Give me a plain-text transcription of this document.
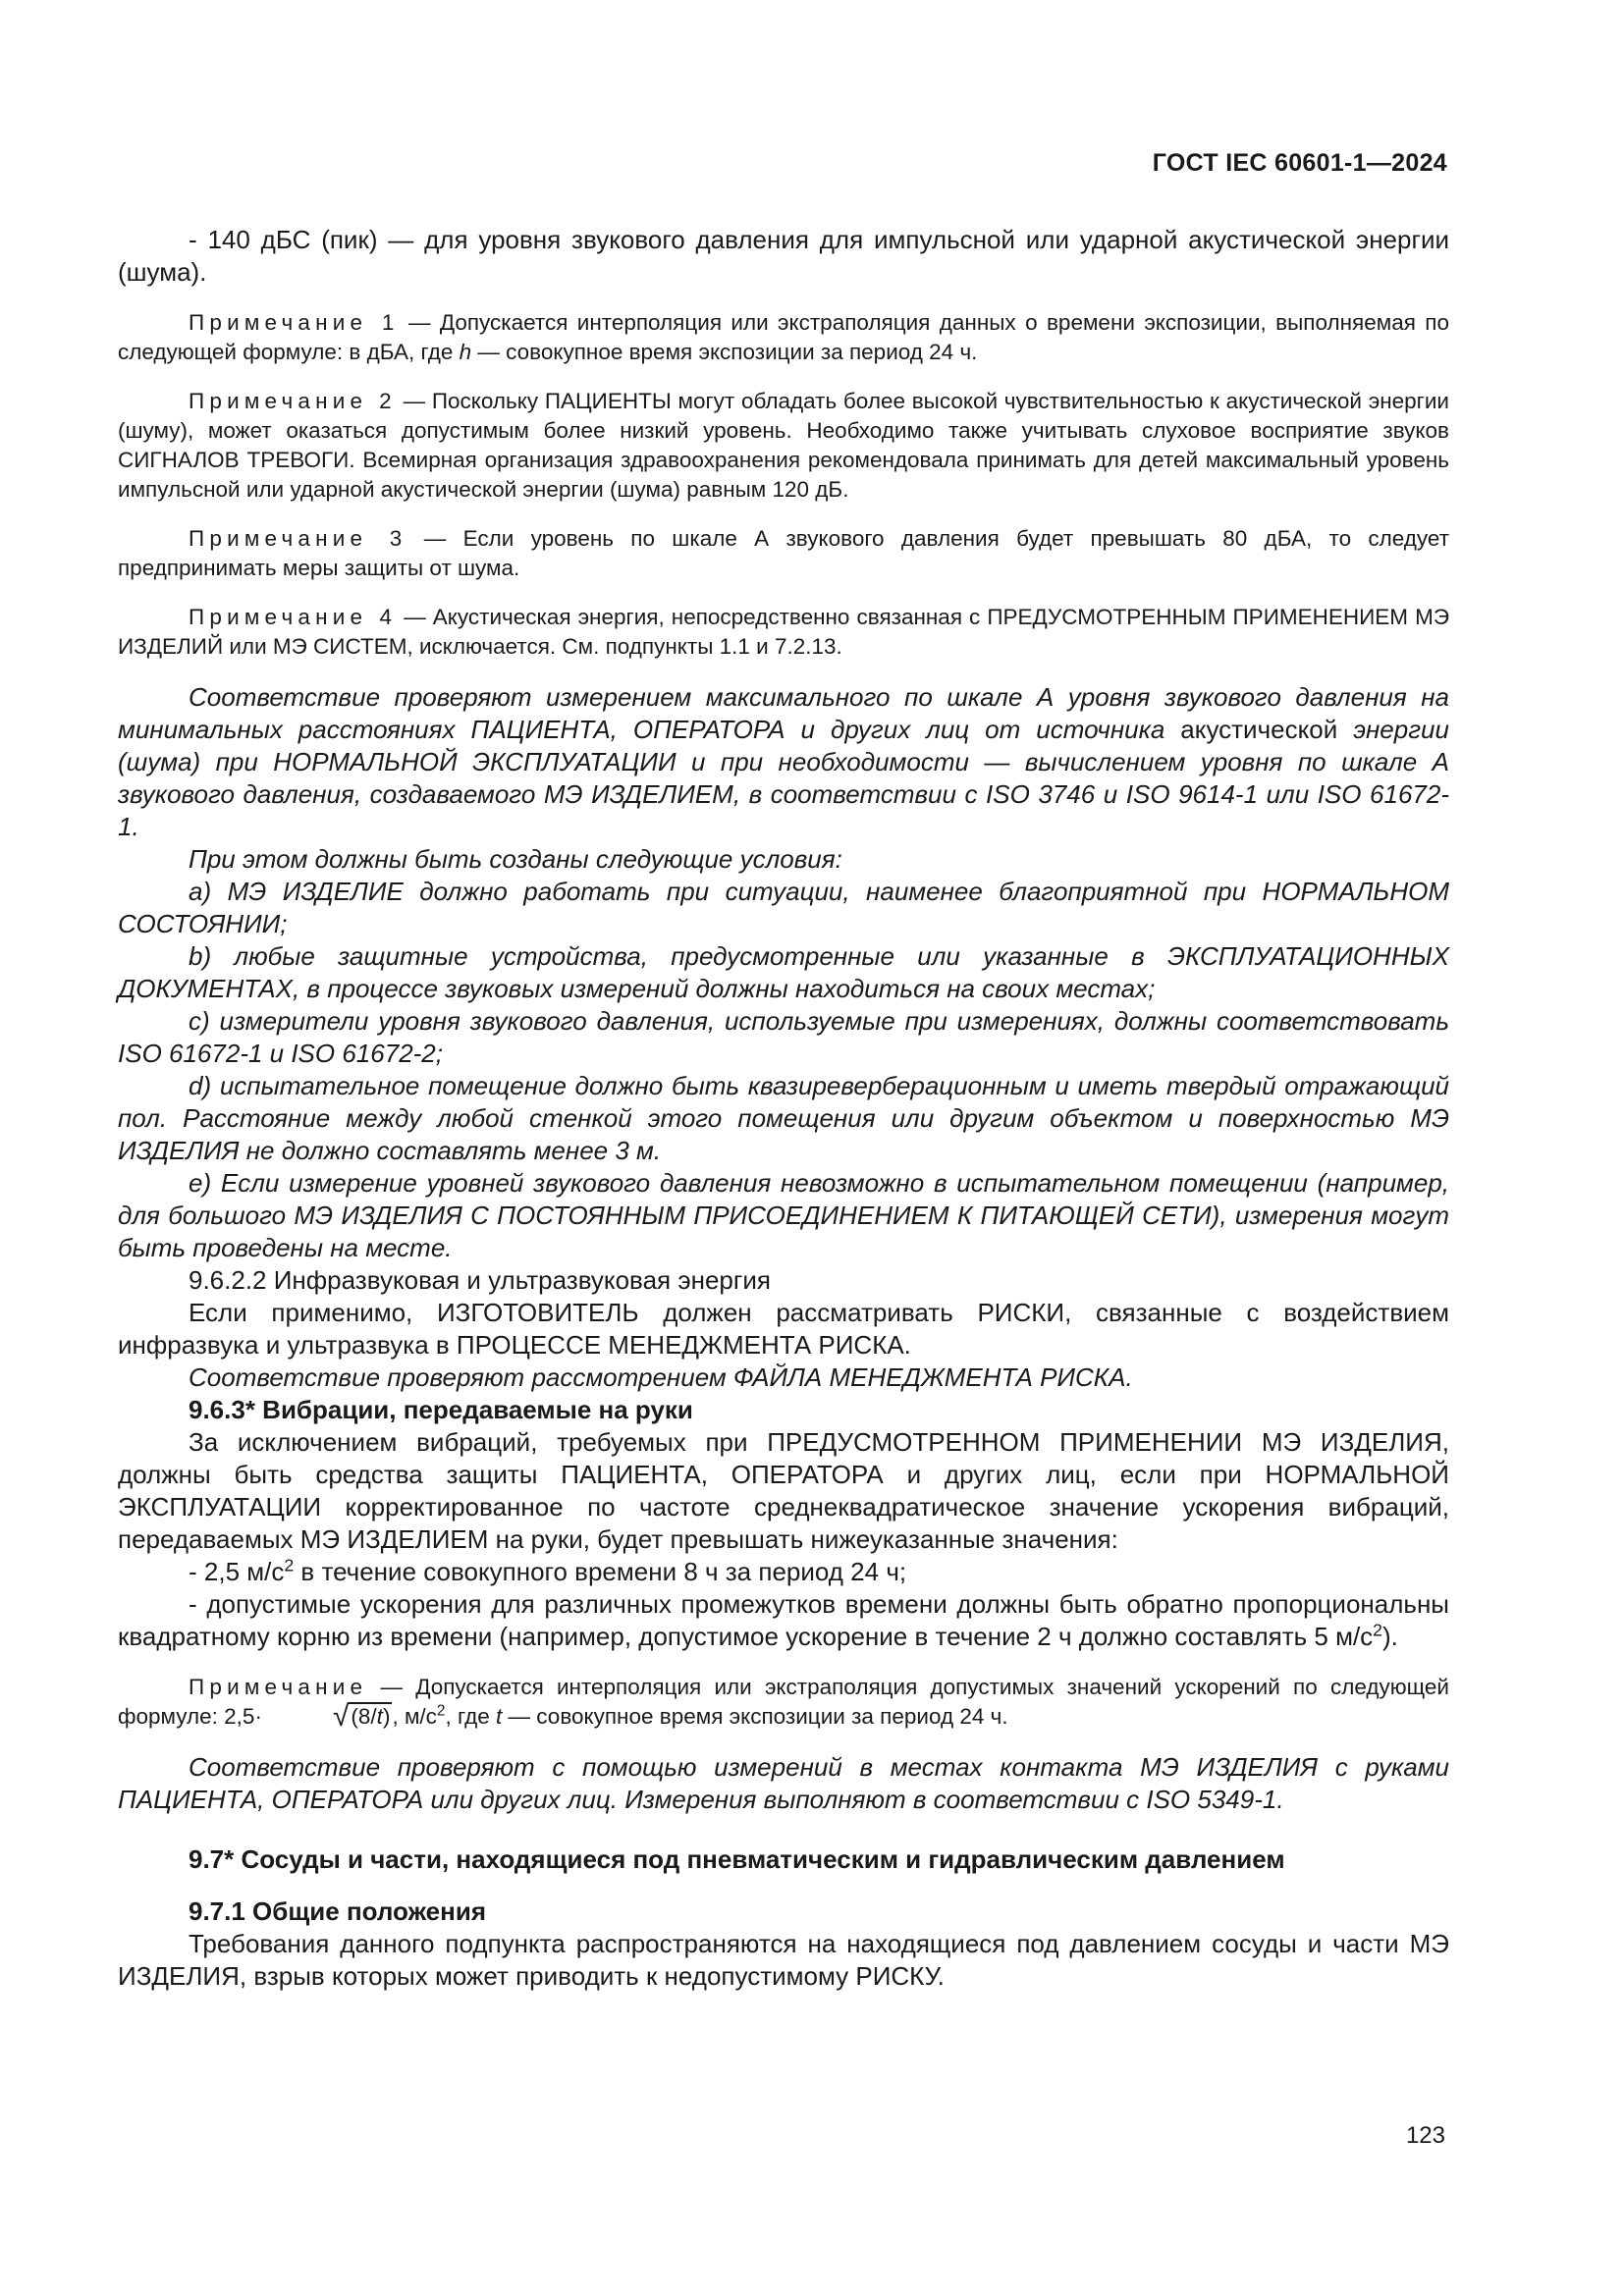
ГОСТ IEC 60601-1—2024

- 140 дБС (пик) — для уровня звукового давления для импульсной или ударной акустической энергии (шума).

Примечание 1 — Допускается интерполяция или экстраполяция данных о времени экспозиции, выполняемая по следующей формуле: в дБА, где h — совокупное время экспозиции за период 24 ч.

Примечание 2 — Поскольку ПАЦИЕНТЫ могут обладать более высокой чувствительностью к акустической энергии (шуму), может оказаться допустимым более низкий уровень. Необходимо также учитывать слуховое восприятие звуков СИГНАЛОВ ТРЕВОГИ. Всемирная организация здравоохранения рекомендовала принимать для детей максимальный уровень импульсной или ударной акустической энергии (шума) равным 120 дБ.

Примечание 3 — Если уровень по шкале А звукового давления будет превышать 80 дБА, то следует предпринимать меры защиты от шума.

Примечание 4 — Акустическая энергия, непосредственно связанная с ПРЕДУСМОТРЕННЫМ ПРИМЕНЕНИЕМ МЭ ИЗДЕЛИЙ или МЭ СИСТЕМ, исключается. См. подпункты 1.1 и 7.2.13.

Соответствие проверяют измерением максимального по шкале А уровня звукового давления на минимальных расстояниях ПАЦИЕНТА, ОПЕРАТОРА и других лиц от источника акустической энергии (шума) при НОРМАЛЬНОЙ ЭКСПЛУАТАЦИИ и при необходимости — вычислением уровня по шкале А звукового давления, создаваемого МЭ ИЗДЕЛИЕМ, в соответствии с ISO 3746 и ISO 9614-1 или ISO 61672-1.

При этом должны быть созданы следующие условия:

a) МЭ ИЗДЕЛИЕ должно работать при ситуации, наименее благоприятной при НОРМАЛЬНОМ СОСТОЯНИИ;

b) любые защитные устройства, предусмотренные или указанные в ЭКСПЛУАТАЦИОННЫХ ДОКУМЕНТАХ, в процессе звуковых измерений должны находиться на своих местах;

c) измерители уровня звукового давления, используемые при измерениях, должны соответствовать ISO 61672-1 и ISO 61672-2;

d) испытательное помещение должно быть квазиреверберационным и иметь твердый отражающий пол. Расстояние между любой стенкой этого помещения или другим объектом и поверхностью МЭ ИЗДЕЛИЯ не должно составлять менее 3 м.

e) Если измерение уровней звукового давления невозможно в испытательном помещении (например, для большого МЭ ИЗДЕЛИЯ С ПОСТОЯННЫМ ПРИСОЕДИНЕНИЕМ К ПИТАЮЩЕЙ СЕТИ), измерения могут быть проведены на месте.

9.6.2.2 Инфразвуковая и ультразвуковая энергия

Если применимо, ИЗГОТОВИТЕЛЬ должен рассматривать РИСКИ, связанные с воздействием инфразвука и ультразвука в ПРОЦЕССЕ МЕНЕДЖМЕНТА РИСКА.

Соответствие проверяют рассмотрением ФАЙЛА МЕНЕДЖМЕНТА РИСКА.

9.6.3* Вибрации, передаваемые на руки

За исключением вибраций, требуемых при ПРЕДУСМОТРЕННОМ ПРИМЕНЕНИИ МЭ ИЗДЕЛИЯ, должны быть средства защиты ПАЦИЕНТА, ОПЕРАТОРА и других лиц, если при НОРМАЛЬНОЙ ЭКСПЛУАТАЦИИ корректированное по частоте среднеквадратическое значение ускорения вибраций, передаваемых МЭ ИЗДЕЛИЕМ на руки, будет превышать нижеуказанные значения:

- 2,5 $м/с^2$ в течение совокупного времени 8 ч за период 24 ч;

- допустимые ускорения для различных промежутков времени должны быть обратно пропорциональны квадратному корню из времени (например, допустимое ускорение в течение 2 ч должно составлять 5 $м/с^2$).

Примечание — Допускается интерполяция или экстраполяция допустимых значений ускорений по следующей формуле: 2,5· √(8/t), $м/с^2$, где t — совокупное время экспозиции за период 24 ч.

Соответствие проверяют с помощью измерений в местах контакта МЭ ИЗДЕЛИЯ с руками ПАЦИЕНТА, ОПЕРАТОРА или других лиц. Измерения выполняют в соответствии с ISO 5349-1.

9.7* Сосуды и части, находящиеся под пневматическим и гидравлическим давлением

9.7.1 Общие положения

Требования данного подпункта распространяются на находящиеся под давлением сосуды и части МЭ ИЗДЕЛИЯ, взрыв которых может приводить к недопустимому РИСКУ.

123
